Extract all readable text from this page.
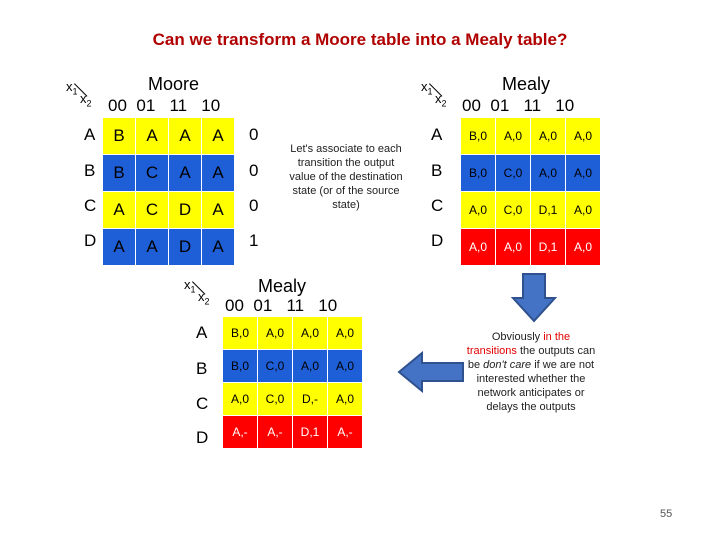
Can we transform a Moore table into a Mealy table?
$x_1$ $x_2$
Moore
00 01 11 10
A
B
C
D
B	A	A	A
B	C	A	A
A	C	D	A
A	A	D	A
0
0
0
1
Let's associate to each transition the output value of the destination state (or of the source state)
$x_1$ $x_2$
Mealy
00 01 11 10
A
B
C
D
B,0	A,0	A,0	A,0
B,0	C,0	A,0	A,0
A,0	C,0	D,1	A,0
A,0	A,0	D,1	A,0
$x_1$ $x_2$
Mealy
00 01 11 10
A
B
C
D
B,0	A,0	A,0	A,0
B,0	C,0	A,0	A,0
A,0	C,0	D,-	A,0
A,-	A,-	D,1	A,-
Obviously in the transitions the outputs can be don't care if we are not interested whether the network anticipates or delays the outputs
55
